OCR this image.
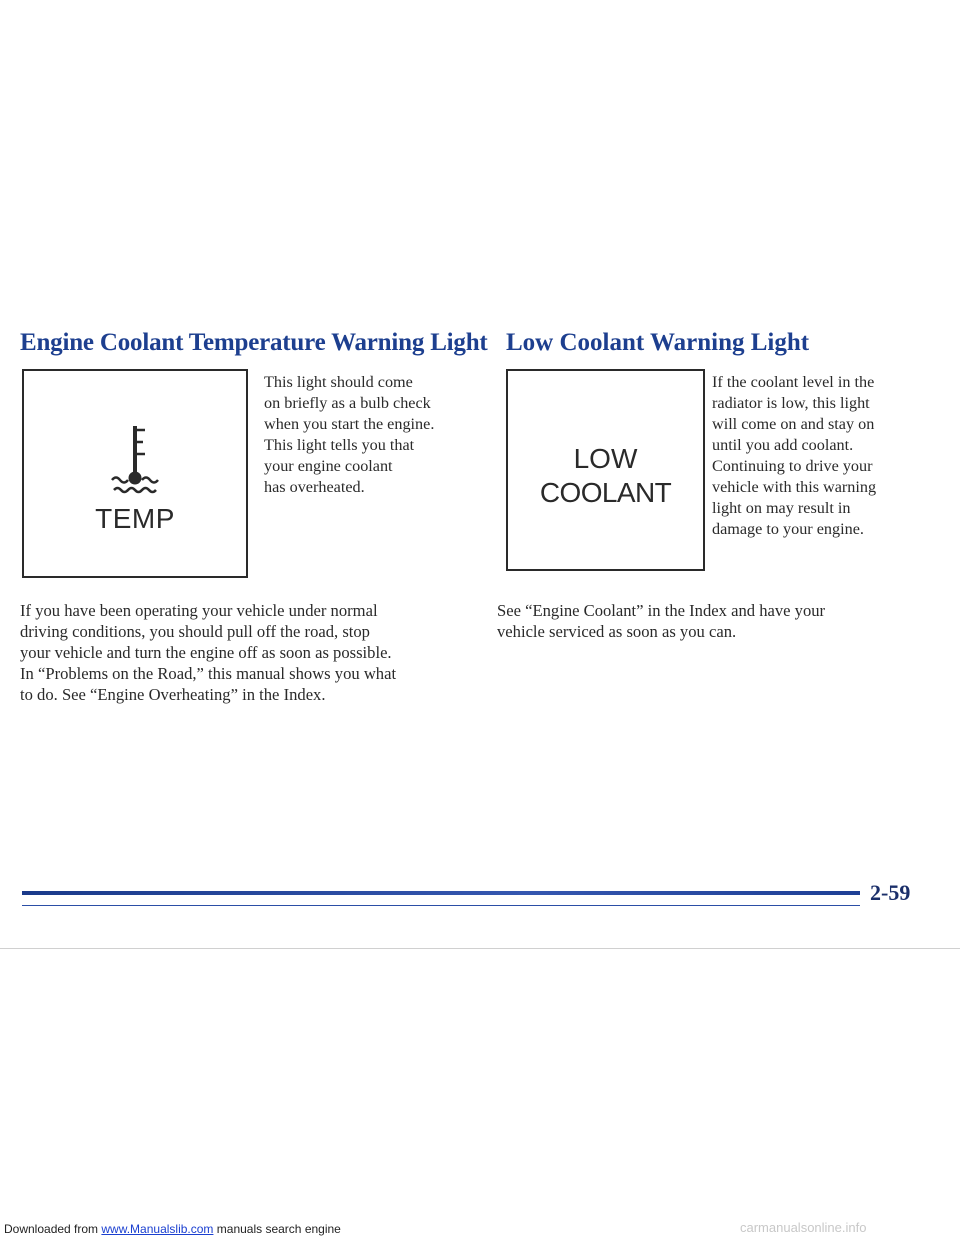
Engine Coolant Temperature Warning Light
TEMP

This light should come
on briefly as a bulb check
when you start the engine.
This light tells you that
your engine coolant
has overheated.

If you have been operating your vehicle under normal
driving conditions, you should pull off the road, stop
your vehicle and turn the engine off as soon as possible.
In “Problems on the Road,” this manual shows you what
to do. See “Engine Overheating” in the Index.

Low Coolant Warning Light
LOW
COOLANT

If the coolant level in the
radiator is low, this light
will come on and stay on
until you add coolant.
Continuing to drive your
vehicle with this warning
light on may result in
damage to your engine.

See “Engine Coolant” in the Index and have your
vehicle serviced as soon as you can.

2-59
Downloaded from www.Manualslib.com manuals search engine	carmanualsonline.info
